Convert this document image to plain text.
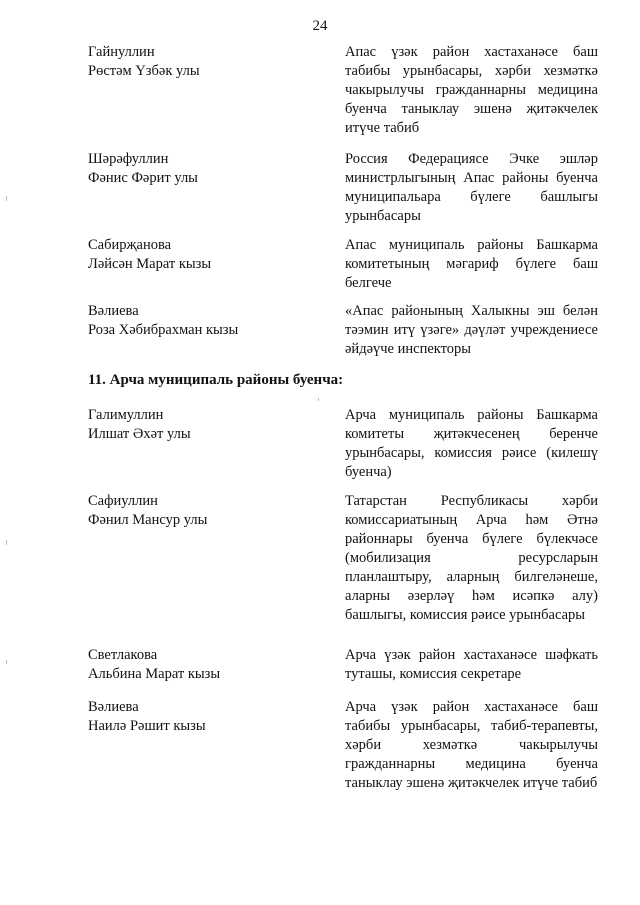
24
Гайнуллин
Рөстәм Үзбәк улы
Апас үзәк район хастаханәсе баш табибы урынбасары, хәрби хезмәткә чакырылучы гражданнарны медицина буенча таныклау эшенә җитәкчелек итүче табиб
Шәрәфуллин
Фәнис Фәрит улы
Россия Федерациясе Эчке эшләр министрлыгының Апас районы буенча муниципальара бүлеге башлыгы урынбасары
Сабирҗанова
Ләйсән Марат кызы
Апас муниципаль районы Башкарма комитетының мәгариф бүлеге баш белгече
Вәлиева
Роза Хәбибрахман кызы
«Апас районының Халыкны эш белән тәэмин итү үзәге» дәүләт учреждениесе әйдәүче инспекторы
11. Арча муниципаль районы буенча:
Галимуллин
Илшат Әхәт улы
Арча муниципаль районы Башкарма комитеты җитәкчесенең беренче урынбасары, комиссия рәисе (килешү буенча)
Сафиуллин
Фәнил Мансур улы
Татарстан Республикасы хәрби комиссариатының Арча һәм Әтнә районнары буенча бүлеге бүлекчәсе (мобилизация ресурсларын планлаштыру, аларның билгеләнеше, аларны әзерләү һәм исәпкә алу) башлыгы, комиссия рәисе урынбасары
Светлакова
Альбина Марат кызы
Арча үзәк район хастаханәсе шәфкать туташы, комиссия секретаре
Вәлиева
Наилә Рәшит кызы
Арча үзәк район хастаханәсе баш табибы урынбасары, табиб-терапевты, хәрби хезмәткә чакырылучы гражданнарны медицина буенча таныклау эшенә җитәкчелек итүче табиб
